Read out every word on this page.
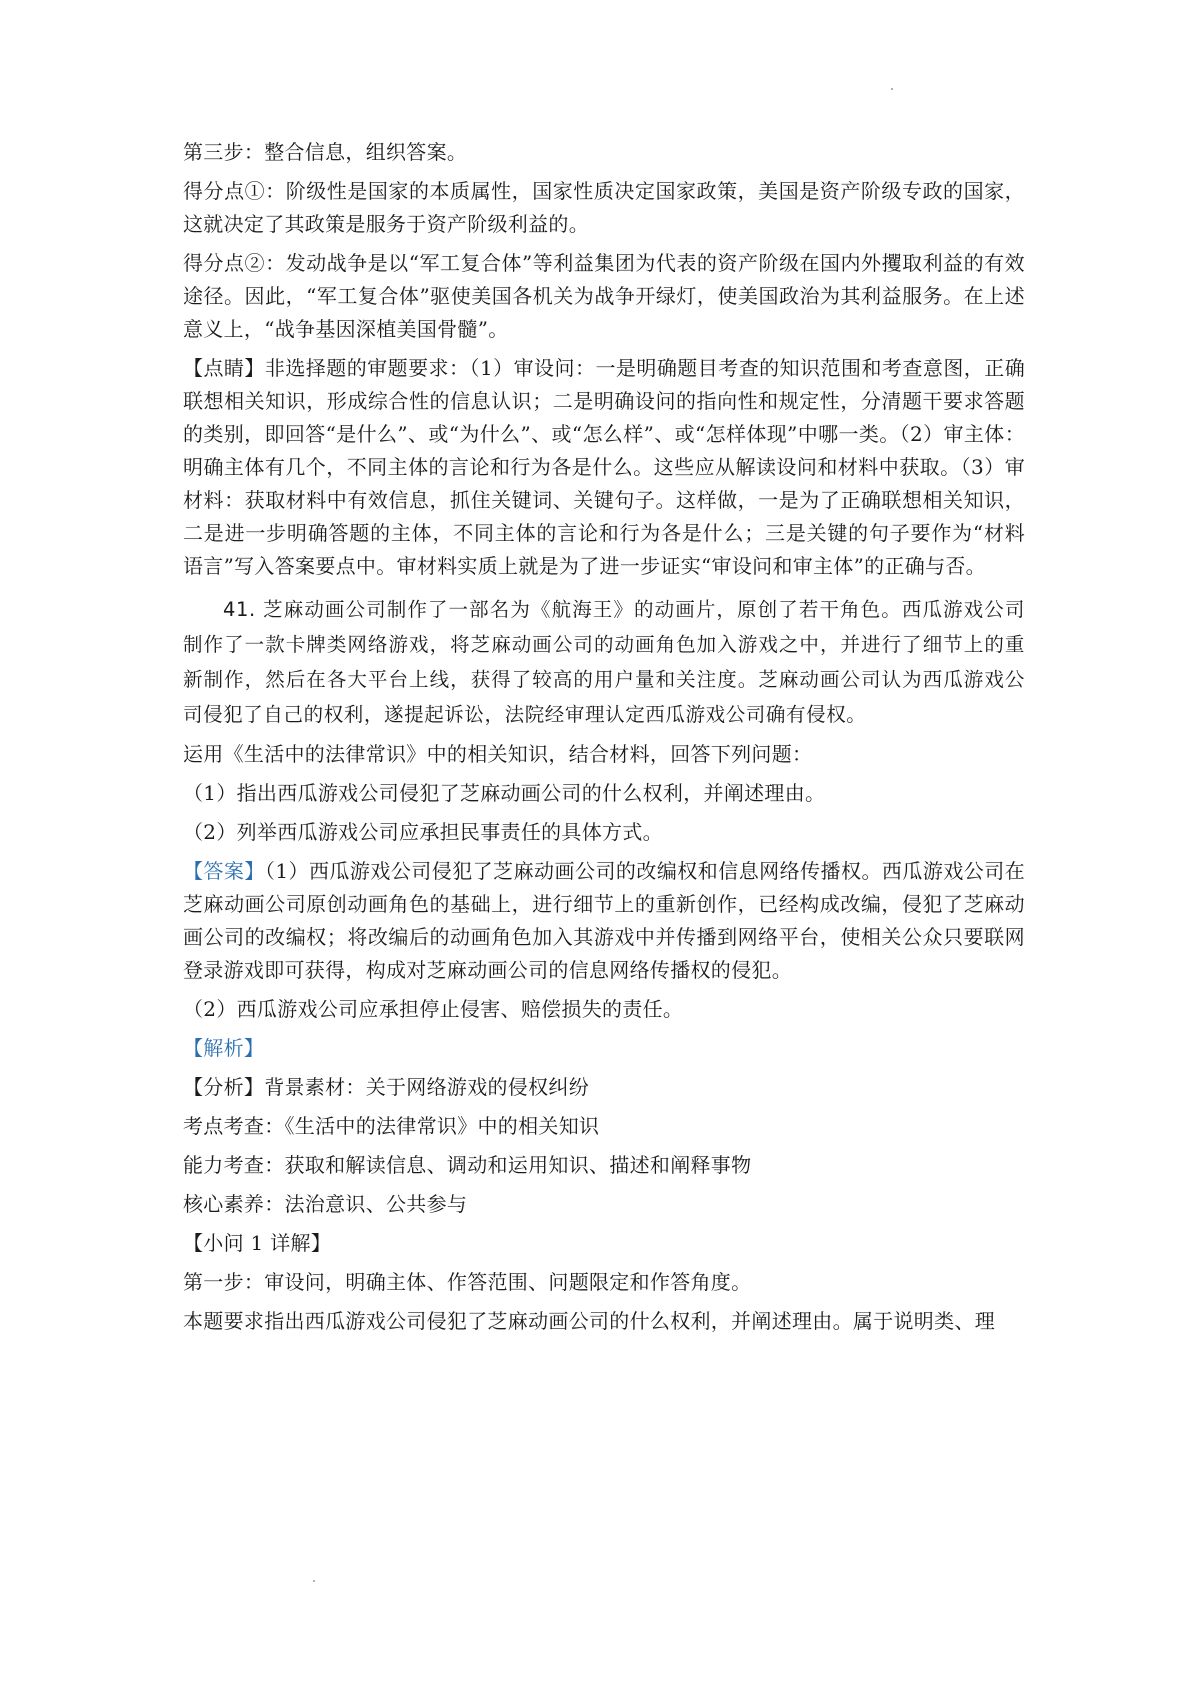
第三步：整合信息，组织答案。

得分点①：阶级性是国家的本质属性，国家性质决定国家政策，美国是资产阶级专政的国家，这就决定了其政策是服务于资产阶级利益的。

得分点②：发动战争是以“军工复合体”等利益集团为代表的资产阶级在国内外攫取利益的有效途径。因此，“军工复合体”驱使美国各机关为战争开绿灯，使美国政治为其利益服务。在上述意义上，“战争基因深植美国骨髓”。

【点睛】非选择题的审题要求：（1）审设问：一是明确题目考查的知识范围和考查意图，正确联想相关知识，形成综合性的信息认识；二是明确设问的指向性和规定性，分清题干要求答题的类别，即回答“是什么”、或“为什么”、或“怎么样”、或“怎样体现”中哪一类。（2）审主体：明确主体有几个，不同主体的言论和行为各是什么。这些应从解读设问和材料中获取。（3）审材料：获取材料中有效信息，抓住关键词、关键句子。这样做，一是为了正确联想相关知识，二是进一步明确答题的主体，不同主体的言论和行为各是什么；三是关键的句子要作为“材料语言”写入答案要点中。审材料实质上就是为了进一步证实“审设问和审主体”的正确与否。

41. 芝麻动画公司制作了一部名为《航海王》的动画片，原创了若干角色。西瓜游戏公司制作了一款卡牌类网络游戏，将芝麻动画公司的动画角色加入游戏之中，并进行了细节上的重新制作，然后在各大平台上线，获得了较高的用户量和关注度。芝麻动画公司认为西瓜游戏公司侵犯了自己的权利，遂提起诉讼，法院经审理认定西瓜游戏公司确有侵权。

运用《生活中的法律常识》中的相关知识，结合材料，回答下列问题：

（1）指出西瓜游戏公司侵犯了芝麻动画公司的什么权利，并阐述理由。

（2）列举西瓜游戏公司应承担民事责任的具体方式。

【答案】（1）西瓜游戏公司侵犯了芝麻动画公司的改编权和信息网络传播权。西瓜游戏公司在芝麻动画公司原创动画角色的基础上，进行细节上的重新创作，已经构成改编，侵犯了芝麻动画公司的改编权；将改编后的动画角色加入其游戏中并传播到网络平台，使相关公众只要联网登录游戏即可获得，构成对芝麻动画公司的信息网络传播权的侵犯。

（2）西瓜游戏公司应承担停止侵害、赔偿损失的责任。

【解析】

【分析】背景素材：关于网络游戏的侵权纠纷

考点考查：《生活中的法律常识》中的相关知识

能力考查：获取和解读信息、调动和运用知识、描述和阐释事物

核心素养：法治意识、公共参与

【小问 1 详解】

第一步：审设问，明确主体、作答范围、问题限定和作答角度。

本题要求指出西瓜游戏公司侵犯了芝麻动画公司的什么权利，并阐述理由。属于说明类、理
